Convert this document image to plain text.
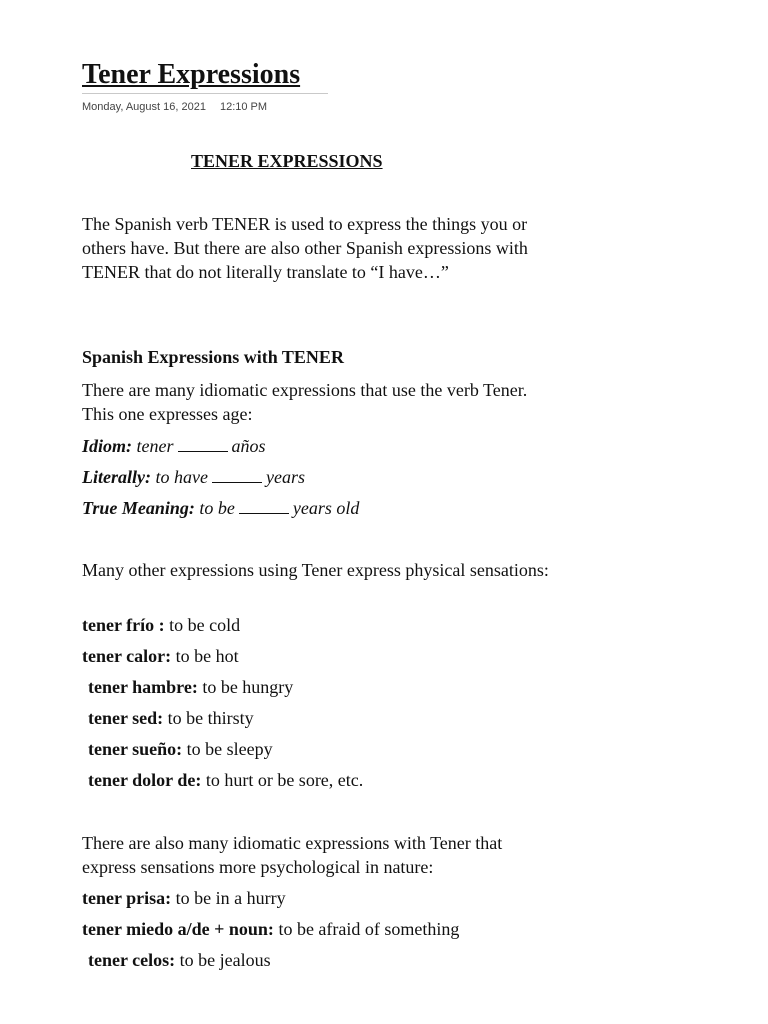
Tener Expressions
Monday, August 16, 2021 12:10 PM
TENER EXPRESSIONS
The Spanish verb TENER is used to express the things you or others have. But there are also other Spanish expressions with TENER that do not literally translate to “I have…”
Spanish Expressions with TENER
There are many idiomatic expressions that use the verb Tener. This one expresses age:
Idiom: tener	años
Literally: to have	years
True Meaning: to be	years old
Many other expressions using Tener express physical sensations:
tener frío : to be cold
tener calor: to be hot
tener hambre: to be hungry
tener sed: to be thirsty
tener sueño: to be sleepy
tener dolor de: to hurt or be sore, etc.
There are also many idiomatic expressions with Tener that express sensations more psychological in nature:
tener prisa: to be in a hurry
tener miedo a/de + noun: to be afraid of something
tener celos: to be jealous
